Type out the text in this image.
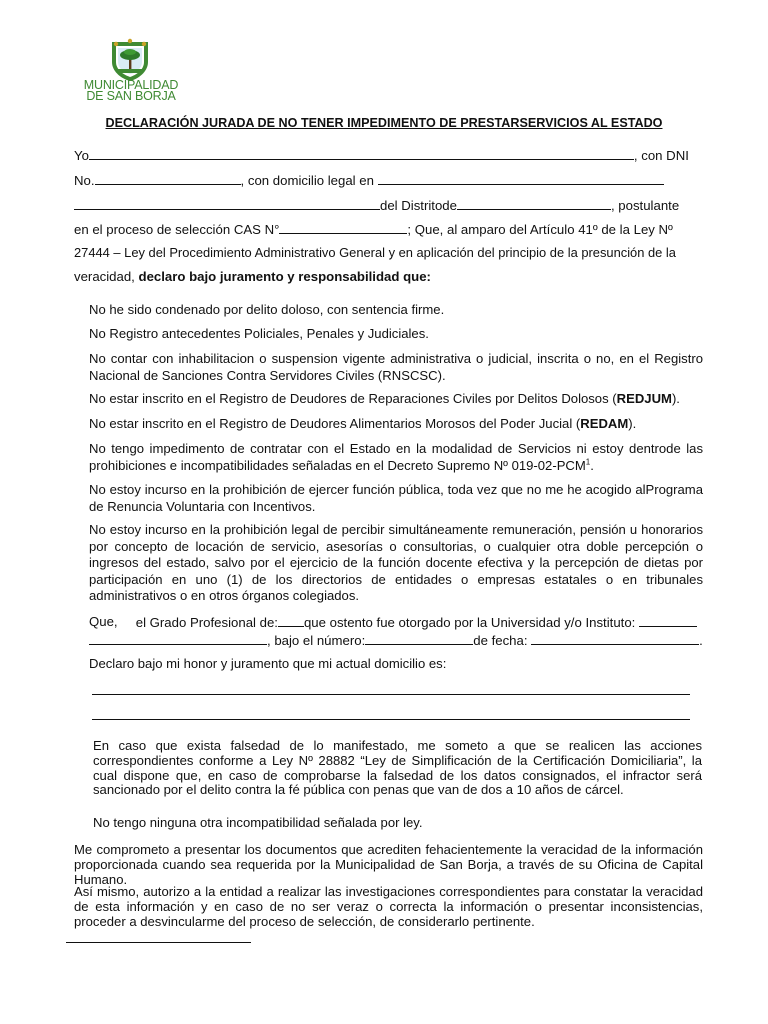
MUNICIPALIDAD
DE SAN BORJA
DECLARACIÓN JURADA DE NO TENER IMPEDIMENTO DE PRESTARSERVICIOS AL ESTADO
Yo	, con DNI
No.	, con domicilio legal en
del Distritode	, postulante
en el proceso de selección CAS N°	; Que, al amparo del Artículo 41º de la Ley Nº
27444 – Ley del Procedimiento Administrativo General y en aplicación del principio de la presunción de la
veracidad, declaro bajo juramento y responsabilidad que:
No he sido condenado por delito doloso, con sentencia firme.
No Registro antecedentes Policiales, Penales y Judiciales.
No contar con inhabilitacion o suspension vigente administrativa o judicial, inscrita o no, en el Registro Nacional de Sanciones Contra Servidores Civiles (RNSCSC).
No estar inscrito en el Registro de Deudores de Reparaciones Civiles por Delitos Dolosos (REDJUM).
No estar inscrito en el Registro de Deudores Alimentarios Morosos del Poder Jucial (REDAM).
No tengo impedimento de contratar con el Estado en la modalidad de Servicios ni estoy dentrode las prohibiciones e incompatibilidades señaladas en el Decreto Supremo Nº 019-02-PCM$^1$.
No estoy incurso en la prohibición de ejercer función pública, toda vez que no me he acogido alPrograma de Renuncia Voluntaria con Incentivos.
No estoy incurso en la prohibición legal de percibir simultáneamente remuneración, pensión u honorarios por concepto de locación de servicio, asesorías o consultorias, o cualquier otra doble percepción o ingresos del estado, salvo por el ejercicio de la función docente efectiva y la percepción de dietas por participación en uno (1) de los directorios de entidades o empresas estatales o en tribunales administrativos o en otros órganos colegiados.
Que, el Grado Profesional de: que ostento fue otorgado por la Universidad y/o Instituto:
, bajo el número:	de fecha:	.
Declaro bajo mi honor y juramento que mi actual domicilio es:
En caso que exista falsedad de lo manifestado, me someto a que se realicen las acciones correspondientes conforme a Ley Nº 28882 “Ley de Simplificación de la Certificación Domiciliaria”, la cual dispone que, en caso de comprobarse la falsedad de los datos consignados, el infractor será sancionado por el delito contra la fé pública con penas que van de dos a 10 años de cárcel.
No tengo ninguna otra incompatibilidad señalada por ley.
Me comprometo a presentar los documentos que acrediten fehacientemente la veracidad de la información proporcionada cuando sea requerida por la Municipalidad de San Borja, a través de su Oficina de Capital Humano.
Así mismo, autorizo a la entidad a realizar las investigaciones correspondientes para constatar la veracidad de esta información y en caso de no ser veraz o correcta la información o presentar inconsistencias, proceder a desvincularme del proceso de selección, de considerarlo pertinente.
